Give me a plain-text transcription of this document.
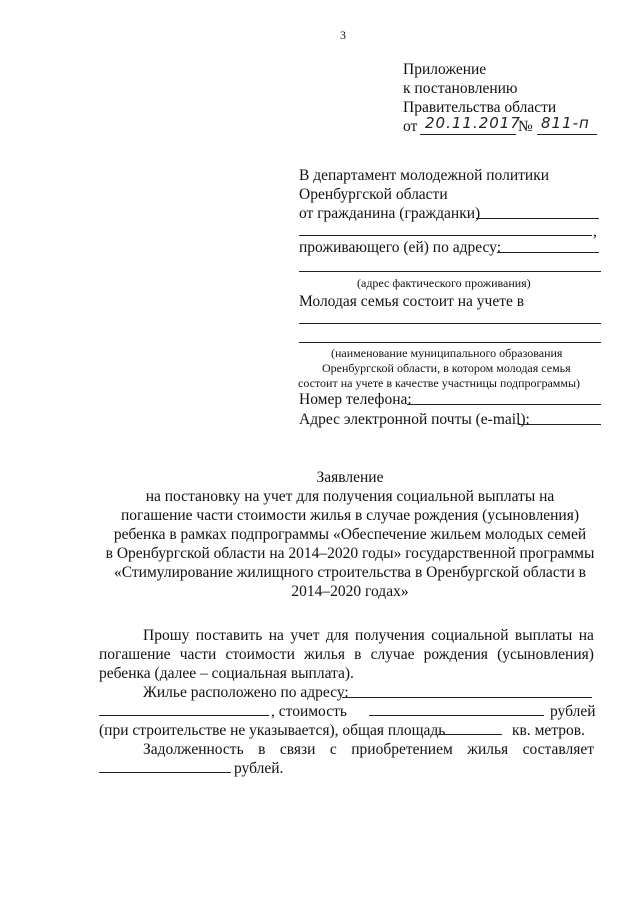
3
Приложение
к постановлению
Правительства области
от 20.11.2017
№ 811-п
В департамент молодежной политики
Оренбургской области
от гражданина (гражданки)
,
проживающего (ей) по адресу:
(адрес фактического проживания)
Молодая семья состоит на учете в
(наименование муниципального образования
Оренбургской области, в котором молодая семья
состоит на учете в качестве участницы подпрограммы)
Номер телефона:
Адрес электронной почты (e-mail):
Заявление
на постановку на учет для получения социальной выплаты на
погашение части стоимости жилья в случае рождения (усыновления)
ребенка в рамках подпрограммы «Обеспечение жильем молодых семей
в Оренбургской области на 2014–2020 годы» государственной программы
«Стимулирование жилищного строительства в Оренбургской области в
2014–2020 годах»
Прошу поставить на учет для получения социальной выплаты на
погашение части стоимости жилья в случае рождения (усыновления)
ребенка (далее – социальная выплата).
Жилье расположено по адресу:
, стоимость	рублей
(при строительстве не указывается), общая площадь	кв. метров.
Задолженность в связи с приобретением жилья составляет
рублей.
